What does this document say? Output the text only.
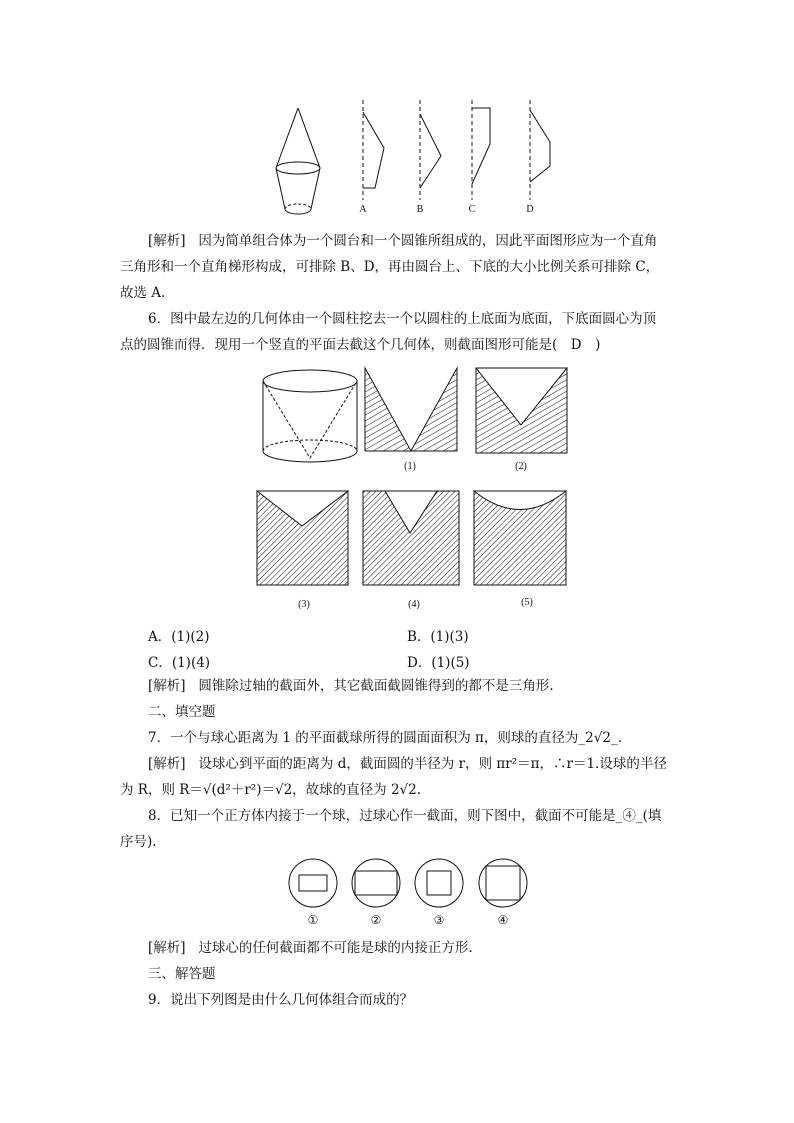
A	B	C	D
[解析] 因为简单组合体为一个圆台和一个圆锥所组成的，因此平面图形应为一个直角
三角形和一个直角梯形构成，可排除 B、D，再由圆台上、下底的大小比例关系可排除 C，
故选 A.
6．图中最左边的几何体由一个圆柱挖去一个以圆柱的上底面为底面，下底面圆心为顶
点的圆锥而得．现用一个竖直的平面去截这个几何体，则截面图形可能是(　D　)
(1)	(2)
(3)	(4)	(5)
A．(1)(2)	B．(1)(3)
C．(1)(4)	D．(1)(5)
[解析] 圆锥除过轴的截面外，其它截面截圆锥得到的都不是三角形.
二、填空题
7．一个与球心距离为 1 的平面截球所得的圆面面积为 π，则球的直径为_2√2_.
[解析] 设球心到平面的距离为 d，截面圆的半径为 r，则 πr²＝π，∴r＝1.设球的半径
为 R，则 R＝√(d²＋r²)＝√2，故球的直径为 2√2.
8．已知一个正方体内接于一个球，过球心作一截面，则下图中，截面不可能是_④_(填
序号).
①	②	③	④
[解析] 过球心的任何截面都不可能是球的内接正方形.
三、解答题
9．说出下列图是由什么几何体组合而成的？
